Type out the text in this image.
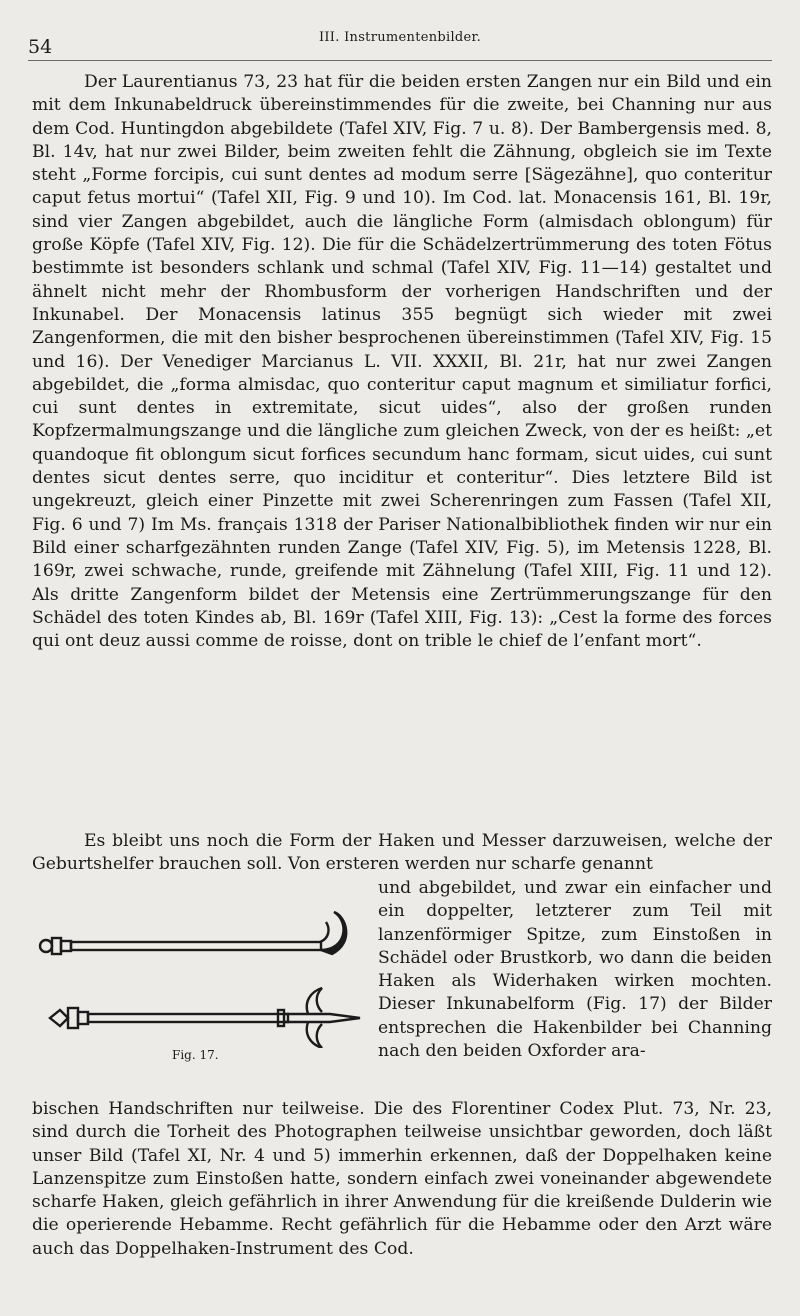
54	III. Instrumentenbilder.

Der Laurentianus 73, 23 hat für die beiden ersten Zangen nur ein Bild und ein mit dem Inkunabeldruck übereinstimmendes für die zweite, bei Channing nur aus dem Cod. Huntingdon abgebildete (Tafel XIV, Fig. 7 u. 8). Der Bambergensis med. 8, Bl. 14v, hat nur zwei Bilder, beim zweiten fehlt die Zähnung, obgleich sie im Texte steht „Forme forcipis, cui sunt dentes ad modum serre [Sägezähne], quo conteritur caput fetus mortui“ (Tafel XII, Fig. 9 und 10). Im Cod. lat. Monacensis 161, Bl. 19r, sind vier Zangen abgebildet, auch die längliche Form (almisdach oblongum) für große Köpfe (Tafel XIV, Fig. 12). Die für die Schädelzertrümmerung des toten Fötus bestimmte ist besonders schlank und schmal (Tafel XIV, Fig. 11—14) gestaltet und ähnelt nicht mehr der Rhombusform der vorherigen Handschriften und der Inkunabel. Der Monacensis latinus 355 begnügt sich wieder mit zwei Zangenformen, die mit den bisher besprochenen übereinstimmen (Tafel XIV, Fig. 15 und 16). Der Venediger Marcianus L. VII. XXXII, Bl. 21r, hat nur zwei Zangen abgebildet, die „forma almisdac, quo conteritur caput magnum et similiatur forfici, cui sunt dentes in extremitate, sicut uides“, also der großen runden Kopfzermalmungszange und die längliche zum gleichen Zweck, von der es heißt: „et quandoque fit oblongum sicut forfices secundum hanc formam, sicut uides, cui sunt dentes sicut dentes serre, quo inciditur et conteritur“. Dies letztere Bild ist ungekreuzt, gleich einer Pinzette mit zwei Scherenringen zum Fassen (Tafel XII, Fig. 6 und 7) Im Ms. français 1318 der Pariser Nationalbibliothek finden wir nur ein Bild einer scharfgezähnten runden Zange (Tafel XIV, Fig. 5), im Metensis 1228, Bl. 169r, zwei schwache, runde, greifende mit Zähnelung (Tafel XIII, Fig. 11 und 12). Als dritte Zangenform bildet der Metensis eine Zertrümmerungszange für den Schädel des toten Kindes ab, Bl. 169r (Tafel XIII, Fig. 13): „Cest la forme des forces qui ont deuz aussi comme de roisse, dont on trible le chief de l’enfant mort“.

Es bleibt uns noch die Form der Haken und Messer darzuweisen, welche der Geburtshelfer brauchen soll. Von ersteren werden nur scharfe genannt

und abgebildet, und zwar ein einfacher und ein doppelter, letzterer zum Teil mit lanzenförmiger Spitze, zum Einstoßen in Schädel oder Brustkorb, wo dann die beiden Haken als Widerhaken wirken mochten. Dieser Inkunabelform (Fig. 17) der Bilder entsprechen die Hakenbilder bei Channing nach den beiden Oxforder ara-
Fig. 17.

bischen Handschriften nur teilweise. Die des Florentiner Codex Plut. 73, Nr. 23, sind durch die Torheit des Photographen teilweise unsichtbar geworden, doch läßt unser Bild (Tafel XI, Nr. 4 und 5) immerhin erkennen, daß der Doppelhaken keine Lanzenspitze zum Einstoßen hatte, sondern einfach zwei voneinander abgewendete scharfe Haken, gleich gefährlich in ihrer Anwendung für die kreißende Dulderin wie die operierende Hebamme. Recht gefährlich für die Hebamme oder den Arzt wäre auch das Doppelhaken-Instrument des Cod.
